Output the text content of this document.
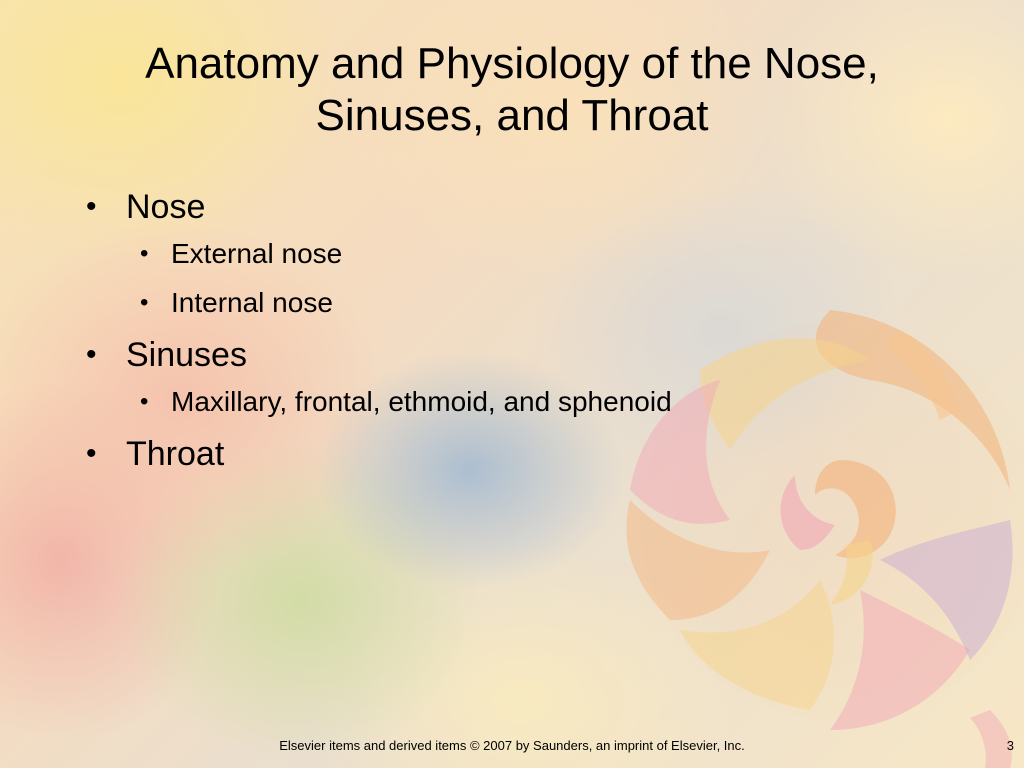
Anatomy and Physiology of the Nose, Sinuses, and Throat
• Nose
• External nose
• Internal nose
• Sinuses
• Maxillary, frontal, ethmoid, and sphenoid
• Throat
Elsevier items and derived items © 2007 by Saunders, an imprint of Elsevier, Inc.	3
